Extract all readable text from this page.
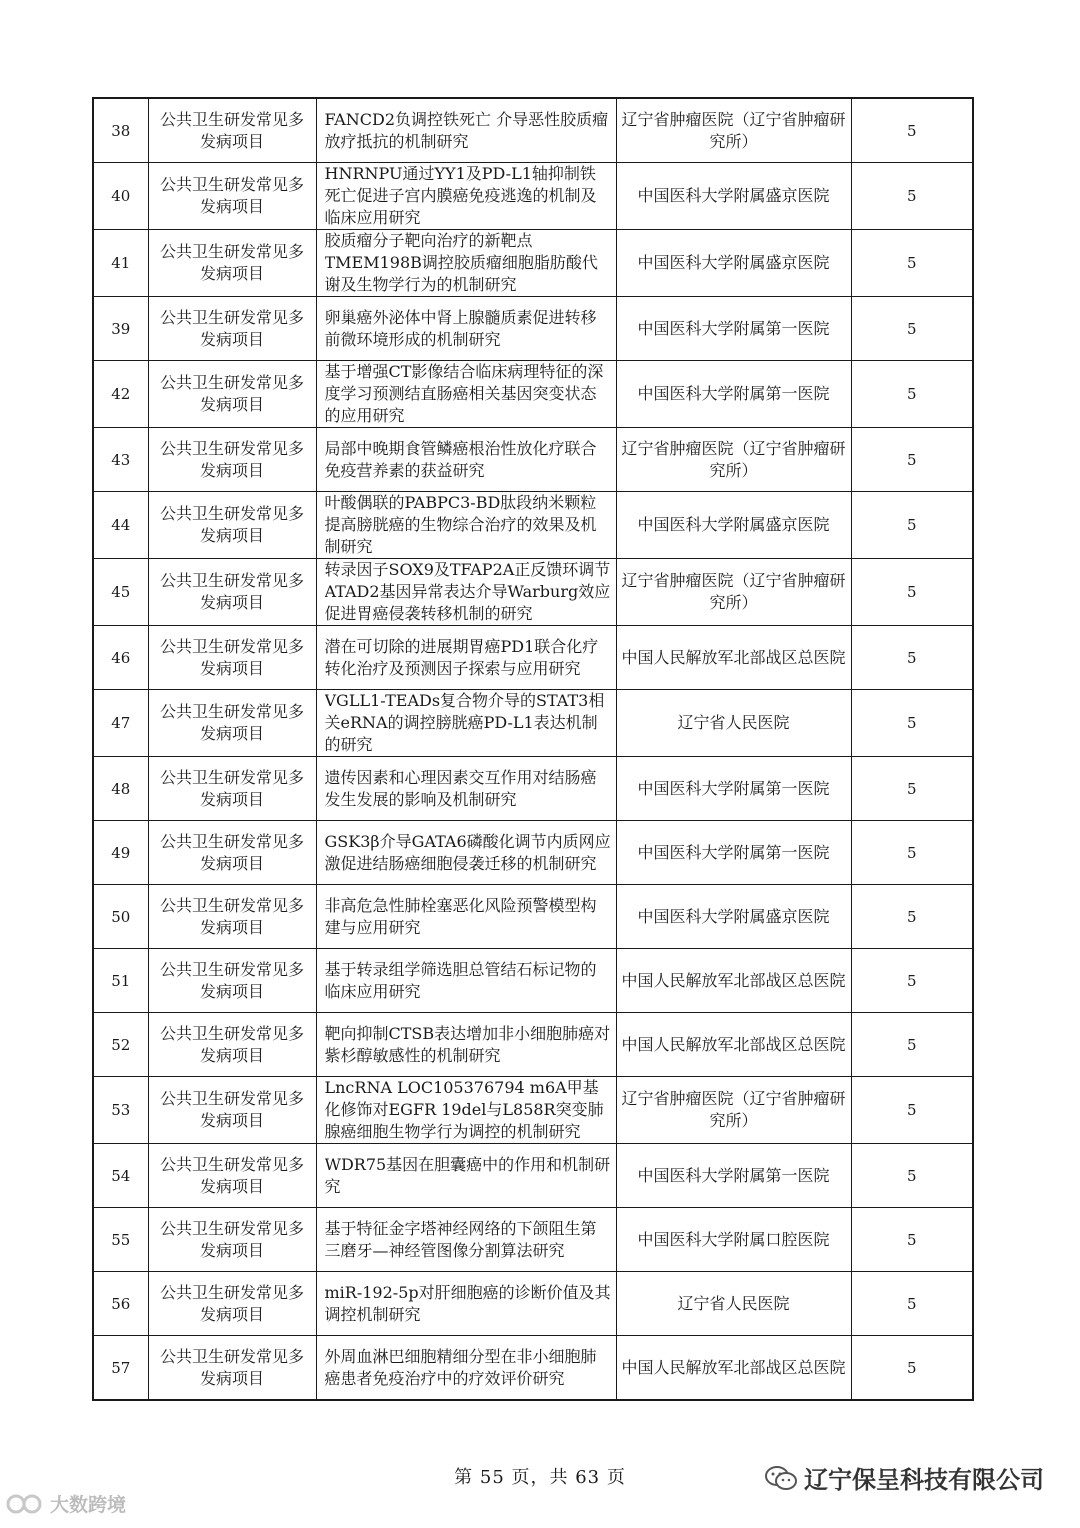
38	公共卫生研发常见多发病项目	FANCD2负调控铁死亡 介导恶性胶质瘤放疗抵抗的机制研究	辽宁省肿瘤医院（辽宁省肿瘤研究所）	5
40	公共卫生研发常见多发病项目	HNRNPU通过YY1及PD-L1轴抑制铁死亡促进子宫内膜癌免疫逃逸的机制及临床应用研究	中国医科大学附属盛京医院	5
41	公共卫生研发常见多发病项目	胶质瘤分子靶向治疗的新靶点TMEM198B调控胶质瘤细胞脂肪酸代谢及生物学行为的机制研究	中国医科大学附属盛京医院	5
39	公共卫生研发常见多发病项目	卵巢癌外泌体中肾上腺髓质素促进转移前微环境形成的机制研究	中国医科大学附属第一医院	5
42	公共卫生研发常见多发病项目	基于增强CT影像结合临床病理特征的深度学习预测结直肠癌相关基因突变状态的应用研究	中国医科大学附属第一医院	5
43	公共卫生研发常见多发病项目	局部中晚期食管鳞癌根治性放化疗联合免疫营养素的获益研究	辽宁省肿瘤医院（辽宁省肿瘤研究所）	5
44	公共卫生研发常见多发病项目	叶酸偶联的PABPC3-BD肽段纳米颗粒提高膀胱癌的生物综合治疗的效果及机制研究	中国医科大学附属盛京医院	5
45	公共卫生研发常见多发病项目	转录因子SOX9及TFAP2A正反馈环调节ATAD2基因异常表达介导Warburg效应促进胃癌侵袭转移机制的研究	辽宁省肿瘤医院（辽宁省肿瘤研究所）	5
46	公共卫生研发常见多发病项目	潜在可切除的进展期胃癌PD1联合化疗转化治疗及预测因子探索与应用研究	中国人民解放军北部战区总医院	5
47	公共卫生研发常见多发病项目	VGLL1-TEADs复合物介导的STAT3相关eRNA的调控膀胱癌PD-L1表达机制的研究	辽宁省人民医院	5
48	公共卫生研发常见多发病项目	遗传因素和心理因素交互作用对结肠癌发生发展的影响及机制研究	中国医科大学附属第一医院	5
49	公共卫生研发常见多发病项目	GSK3β介导GATA6磷酸化调节内质网应激促进结肠癌细胞侵袭迁移的机制研究	中国医科大学附属第一医院	5
50	公共卫生研发常见多发病项目	非高危急性肺栓塞恶化风险预警模型构建与应用研究	中国医科大学附属盛京医院	5
51	公共卫生研发常见多发病项目	基于转录组学筛选胆总管结石标记物的临床应用研究	中国人民解放军北部战区总医院	5
52	公共卫生研发常见多发病项目	靶向抑制CTSB表达增加非小细胞肺癌对紫杉醇敏感性的机制研究	中国人民解放军北部战区总医院	5
53	公共卫生研发常见多发病项目	LncRNA LOC105376794 m6A甲基化修饰对EGFR 19del与L858R突变肺腺癌细胞生物学行为调控的机制研究	辽宁省肿瘤医院（辽宁省肿瘤研究所）	5
54	公共卫生研发常见多发病项目	WDR75基因在胆囊癌中的作用和机制研究	中国医科大学附属第一医院	5
55	公共卫生研发常见多发病项目	基于特征金字塔神经网络的下颌阻生第三磨牙—神经管图像分割算法研究	中国医科大学附属口腔医院	5
56	公共卫生研发常见多发病项目	miR-192-5p对肝细胞癌的诊断价值及其调控机制研究	辽宁省人民医院	5
57	公共卫生研发常见多发病项目	外周血淋巴细胞精细分型在非小细胞肺癌患者免疫治疗中的疗效评价研究	中国人民解放军北部战区总医院	5
第 55 页，共 63 页	辽宁保呈科技有限公司
大数跨境
